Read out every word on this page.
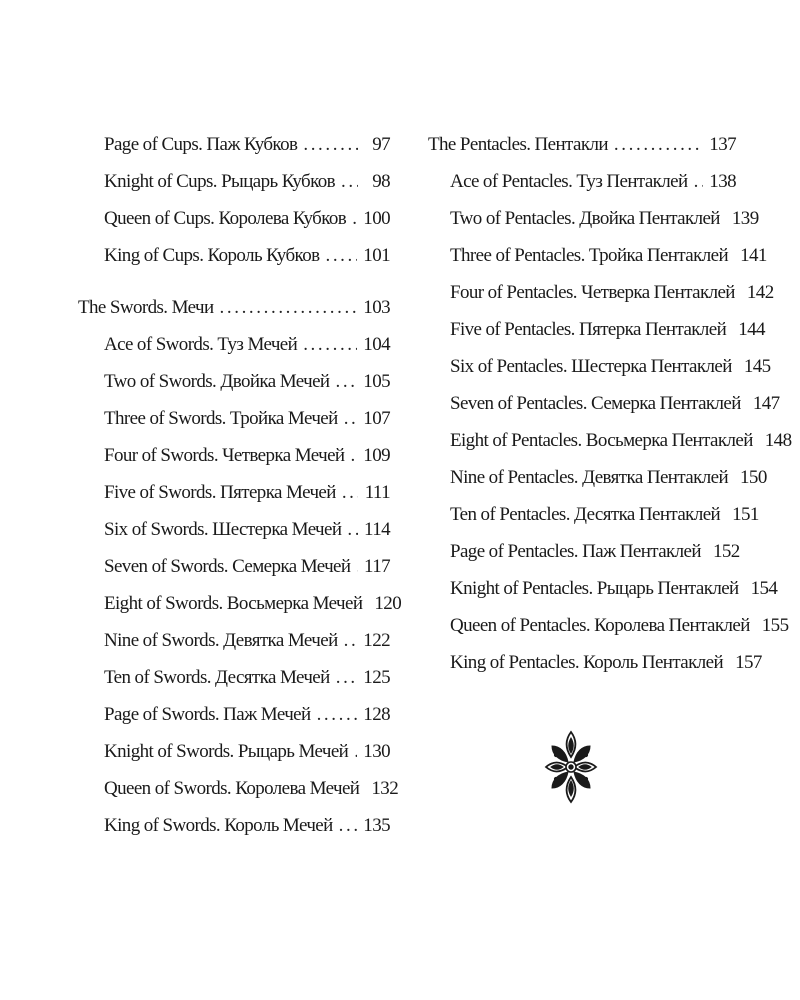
Page of Cups. Паж Кубков .....	97
Knight of Cups. Рыцарь Кубков .....	98
Queen of Cups. Королева Кубков ..... 100
King of Cups. Король Кубков ..... 101
The Swords. Мечи .....	103
Ace of Swords. Туз Мечей .....	104
Two of Swords. Двойка Мечей ..... 105
Three of Swords. Тройка Мечей ..... 107
Four of Swords. Четверка Мечей ..... 109
Five of Swords. Пятерка Мечей ..... 111
Six of Swords. Шестерка Мечей ..... 114
Seven of Swords. Семерка Мечей ..... 117
Eight of Swords. Восьмерка Мечей 120
Nine of Swords. Девятка Мечей ..... 122
Ten of Swords. Десятка Мечей ..... 125
Page of Swords. Паж Мечей .....	128
Knight of Swords. Рыцарь Мечей ..... 130
Queen of Swords. Королева Мечей 132
King of Swords. Король Мечей ..... 135
The Pentacles. Пентакли .....	137
Ace of Pentacles. Туз Пентаклей ..... 138
Two of Pentacles. Двойка Пентаклей 139
Three of Pentacles. Тройка Пентаклей 141
Four of Pentacles. Четверка Пентаклей 142
Five of Pentacles. Пятерка Пентаклей 144
Six of Pentacles. Шестерка Пентаклей 145
Seven of Pentacles. Семерка Пентаклей 147
Eight of Pentacles. Восьмерка Пентаклей 148
Nine of Pentacles. Девятка Пентаклей 150
Ten of Pentacles. Десятка Пентаклей 151
Page of Pentacles. Паж Пентаклей 152
Knight of Pentacles. Рыцарь Пентаклей 154
Queen of Pentacles. Королева Пентаклей 155
King of Pentacles. Король Пентаклей 157
